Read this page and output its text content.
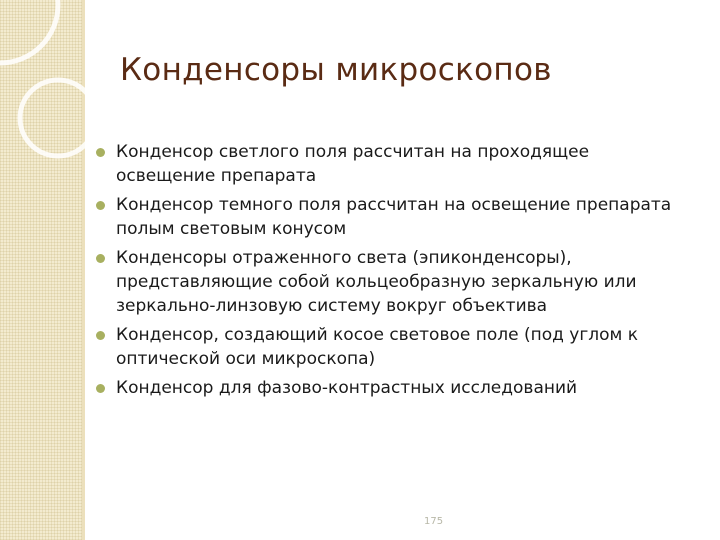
Конденсоры микроскопов
Конденсор светлого поля рассчитан на проходящее освещение препарата
Конденсор темного поля рассчитан на освещение препарата полым световым конусом
Конденсоры отраженного света (эпиконденсоры), представляющие собой кольцеобразную зеркальную или зеркально-линзовую систему вокруг объектива
Конденсор, создающий косое световое поле (под углом к оптической оси микроскопа)
Конденсор для фазово-контрастных исследований
175
